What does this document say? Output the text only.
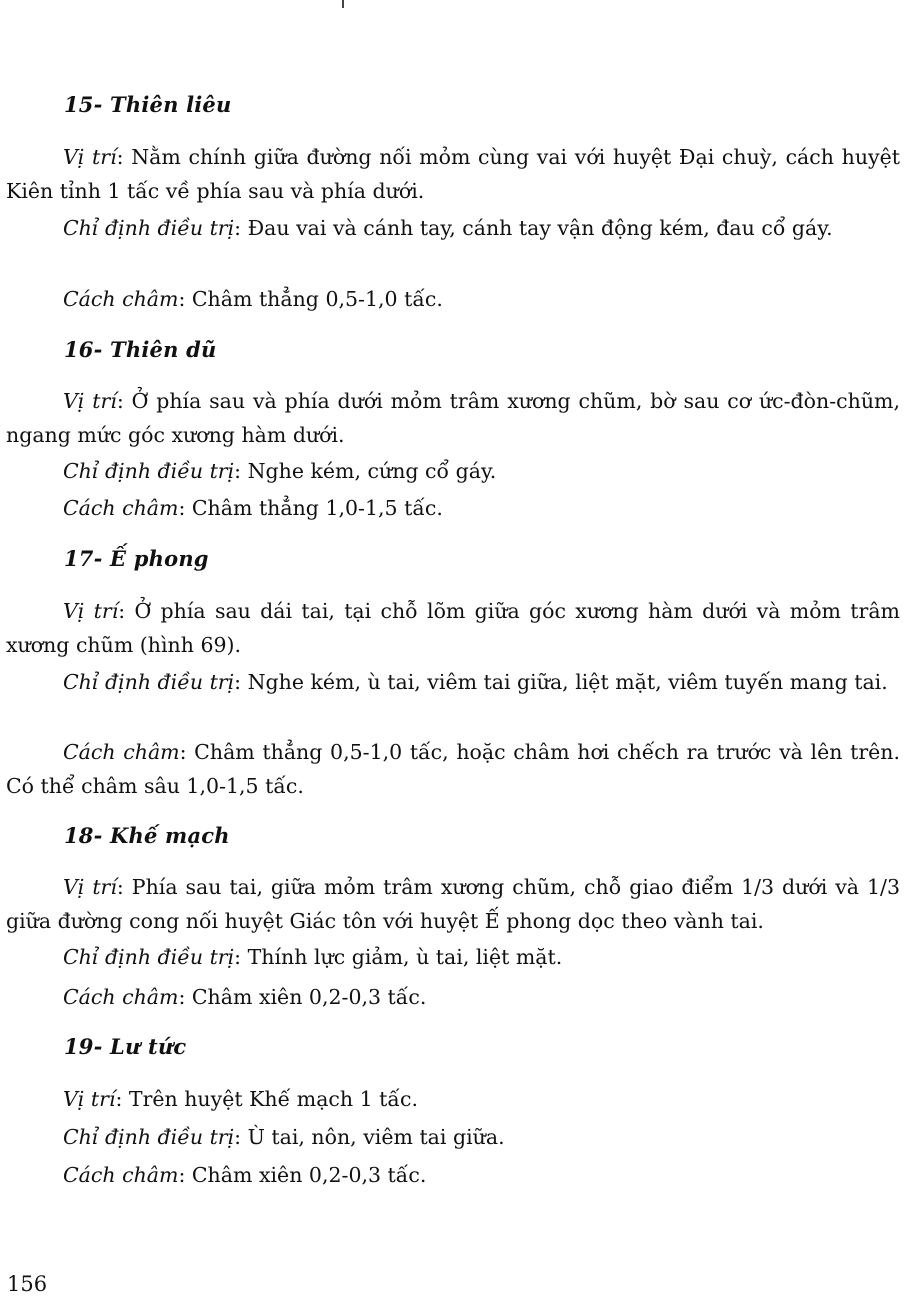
15- Thiên liêu
Vị trí: Nằm chính giữa đường nối mỏm cùng vai với huyệt Đại chuỳ, cách huyệt Kiên tỉnh 1 tấc về phía sau và phía dưới.
Chỉ định điều trị: Đau vai và cánh tay, cánh tay vận động kém, đau cổ gáy.
Cách châm: Châm thẳng 0,5-1,0 tấc.
16- Thiên dũ
Vị trí: Ở phía sau và phía dưới mỏm trâm xương chũm, bờ sau cơ ức-đòn-chũm, ngang mức góc xương hàm dưới.
Chỉ định điều trị: Nghe kém, cứng cổ gáy.
Cách châm: Châm thẳng 1,0-1,5 tấc.
17- Ế phong
Vị trí: Ở phía sau dái tai, tại chỗ lõm giữa góc xương hàm dưới và mỏm trâm xương chũm (hình 69).
Chỉ định điều trị: Nghe kém, ù tai, viêm tai giữa, liệt mặt, viêm tuyến mang tai.
Cách châm: Châm thẳng 0,5-1,0 tấc, hoặc châm hơi chếch ra trước và lên trên. Có thể châm sâu 1,0-1,5 tấc.
18- Khế mạch
Vị trí: Phía sau tai, giữa mỏm trâm xương chũm, chỗ giao điểm 1/3 dưới và 1/3 giữa đường cong nối huyệt Giác tôn với huyệt Ế phong dọc theo vành tai.
Chỉ định điều trị: Thính lực giảm, ù tai, liệt mặt.
Cách châm: Châm xiên 0,2-0,3 tấc.
19- Lư tức
Vị trí: Trên huyệt Khế mạch 1 tấc.
Chỉ định điều trị: Ù tai, nôn, viêm tai giữa.
Cách châm: Châm xiên 0,2-0,3 tấc.
156
